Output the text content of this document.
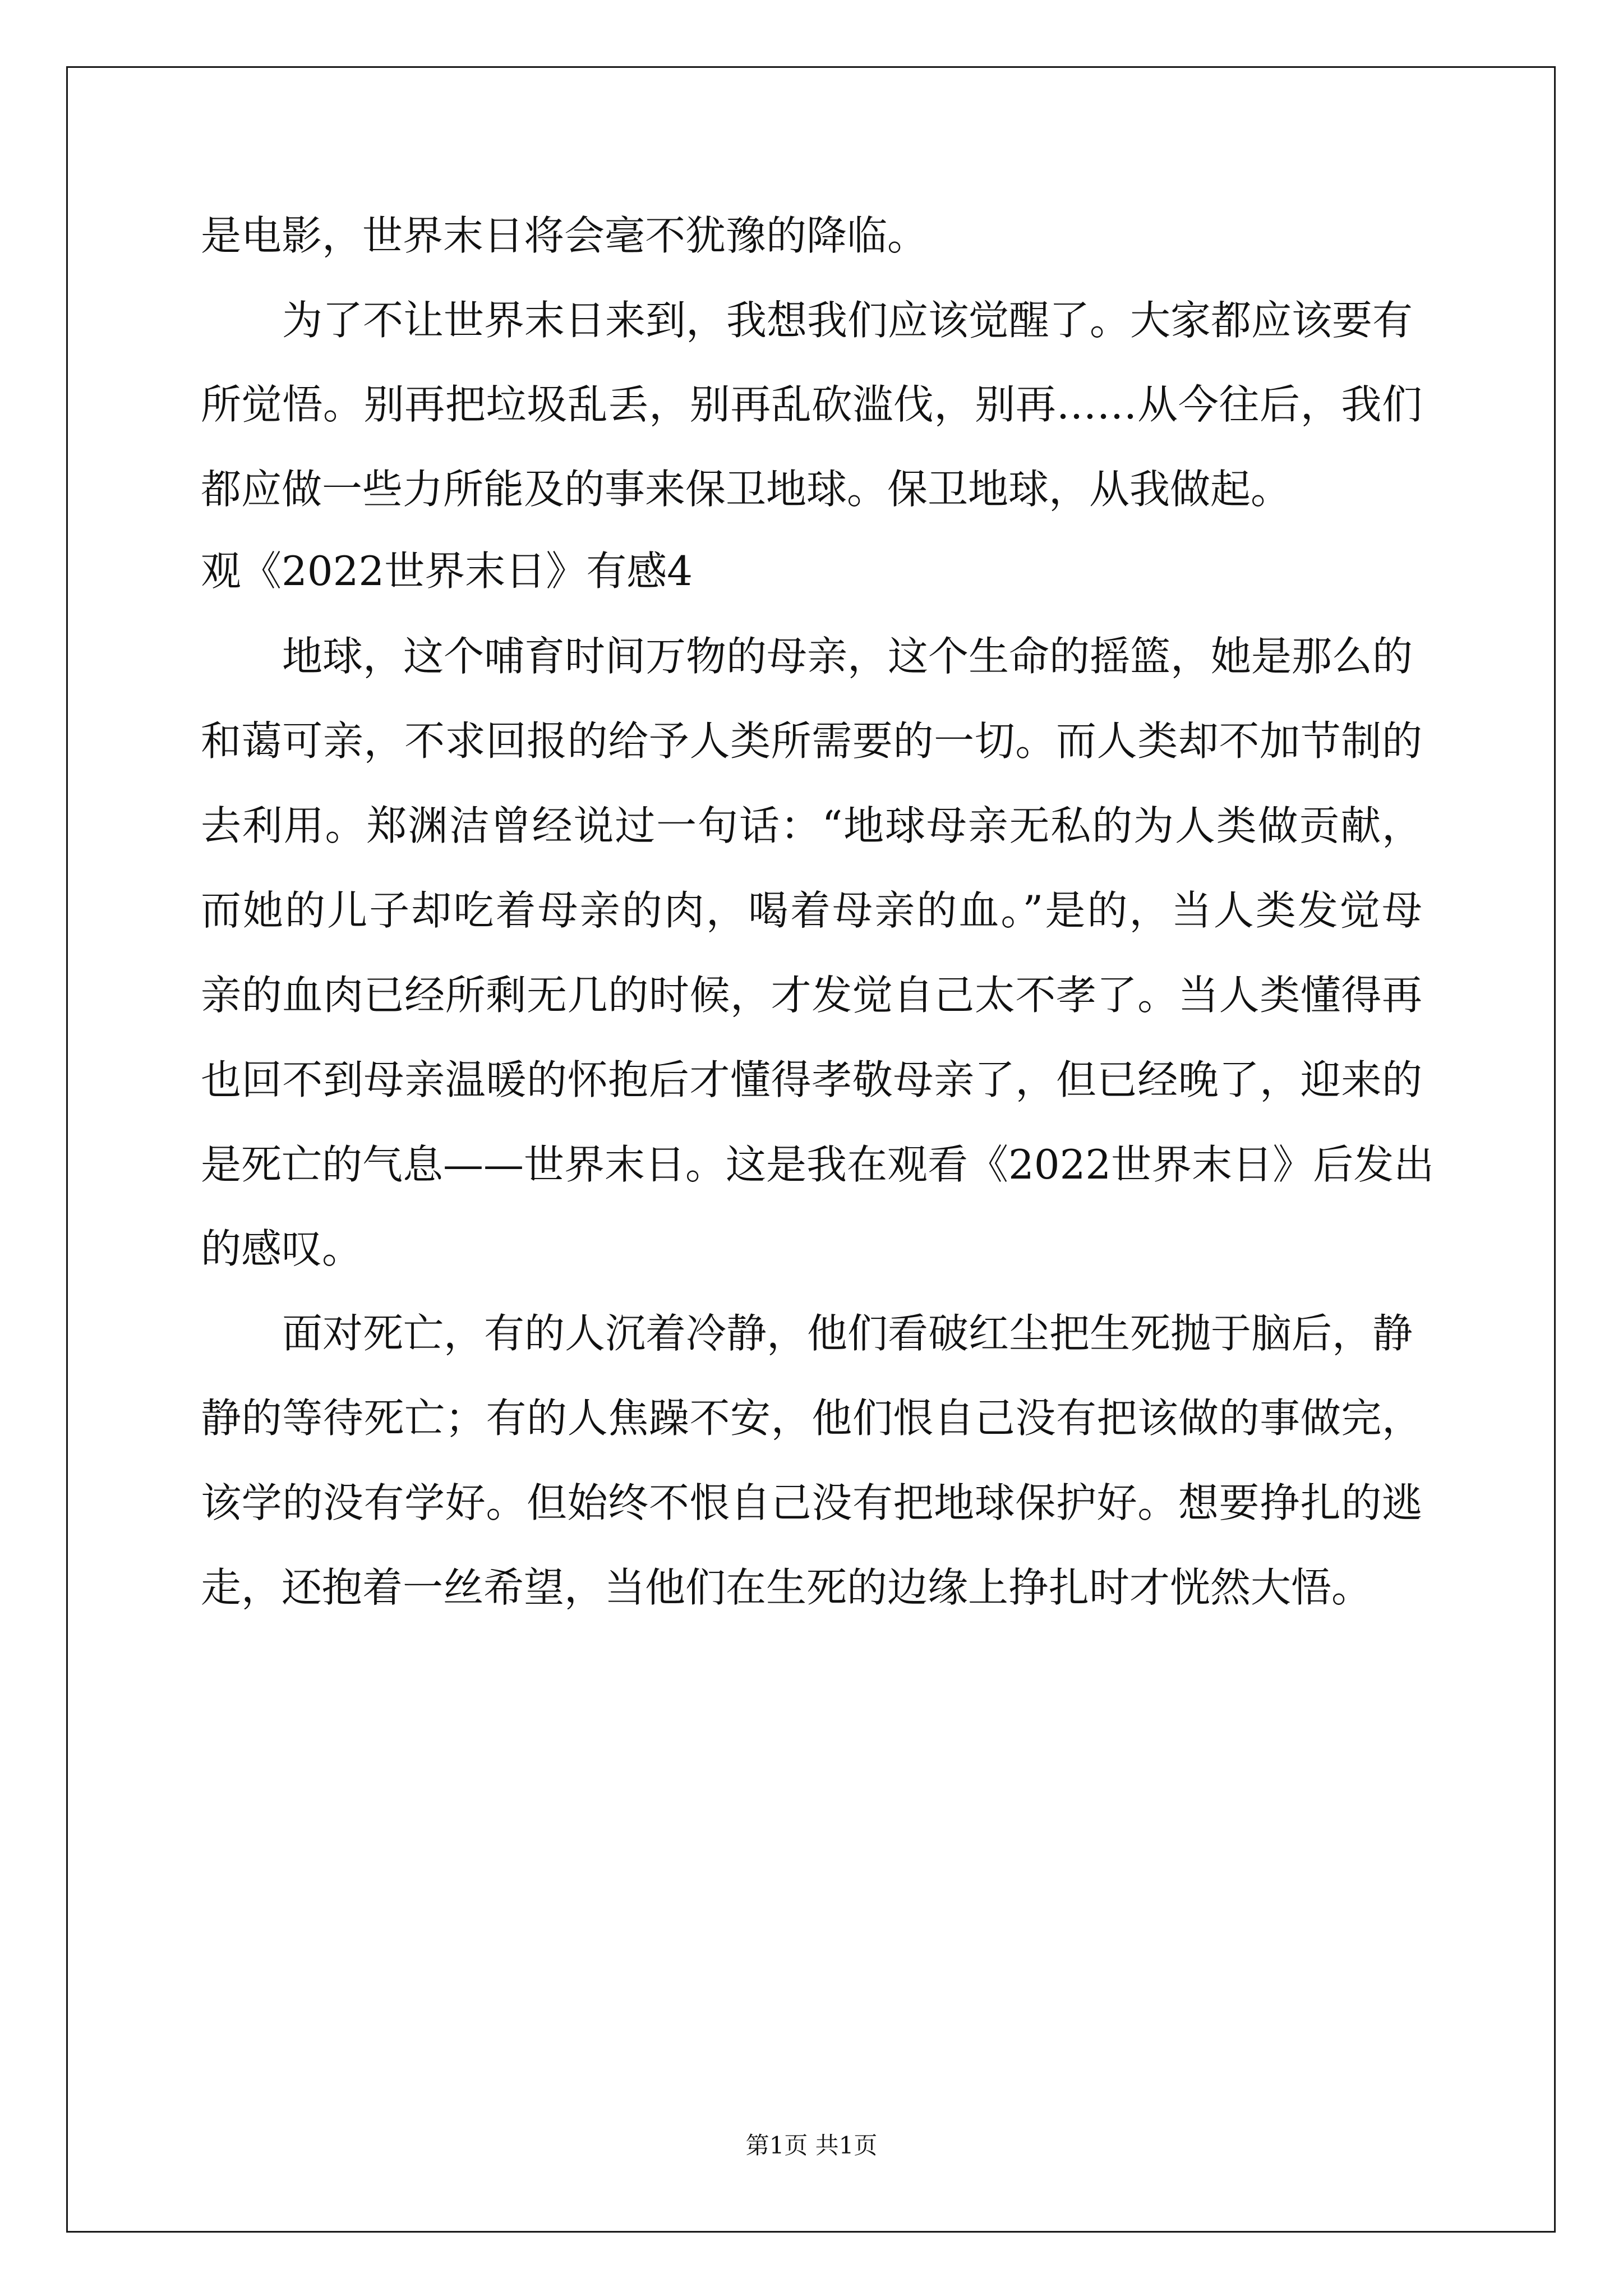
是电影，世界末日将会毫不犹豫的降临。
为了不让世界末日来到，我想我们应该觉醒了。大家都应该要有
所觉悟。别再把垃圾乱丢，别再乱砍滥伐，别再……从今往后，我们
都应做一些力所能及的事来保卫地球。保卫地球，从我做起。
观《2022世界末日》有感4
地球，这个哺育时间万物的母亲，这个生命的摇篮，她是那么的
和蔼可亲，不求回报的给予人类所需要的一切。而人类却不加节制的
去利用。郑渊洁曾经说过一句话：“地球母亲无私的为人类做贡献，
而她的儿子却吃着母亲的肉，喝着母亲的血。”是的，当人类发觉母
亲的血肉已经所剩无几的时候，才发觉自己太不孝了。当人类懂得再
也回不到母亲温暖的怀抱后才懂得孝敬母亲了，但已经晚了，迎来的
是死亡的气息——世界末日。这是我在观看《2022世界末日》后发出
的感叹。
面对死亡，有的人沉着冷静，他们看破红尘把生死抛于脑后，静
静的等待死亡；有的人焦躁不安，他们恨自己没有把该做的事做完，
该学的没有学好。但始终不恨自己没有把地球保护好。想要挣扎的逃
走，还抱着一丝希望，当他们在生死的边缘上挣扎时才恍然大悟。
第1页 共1页
